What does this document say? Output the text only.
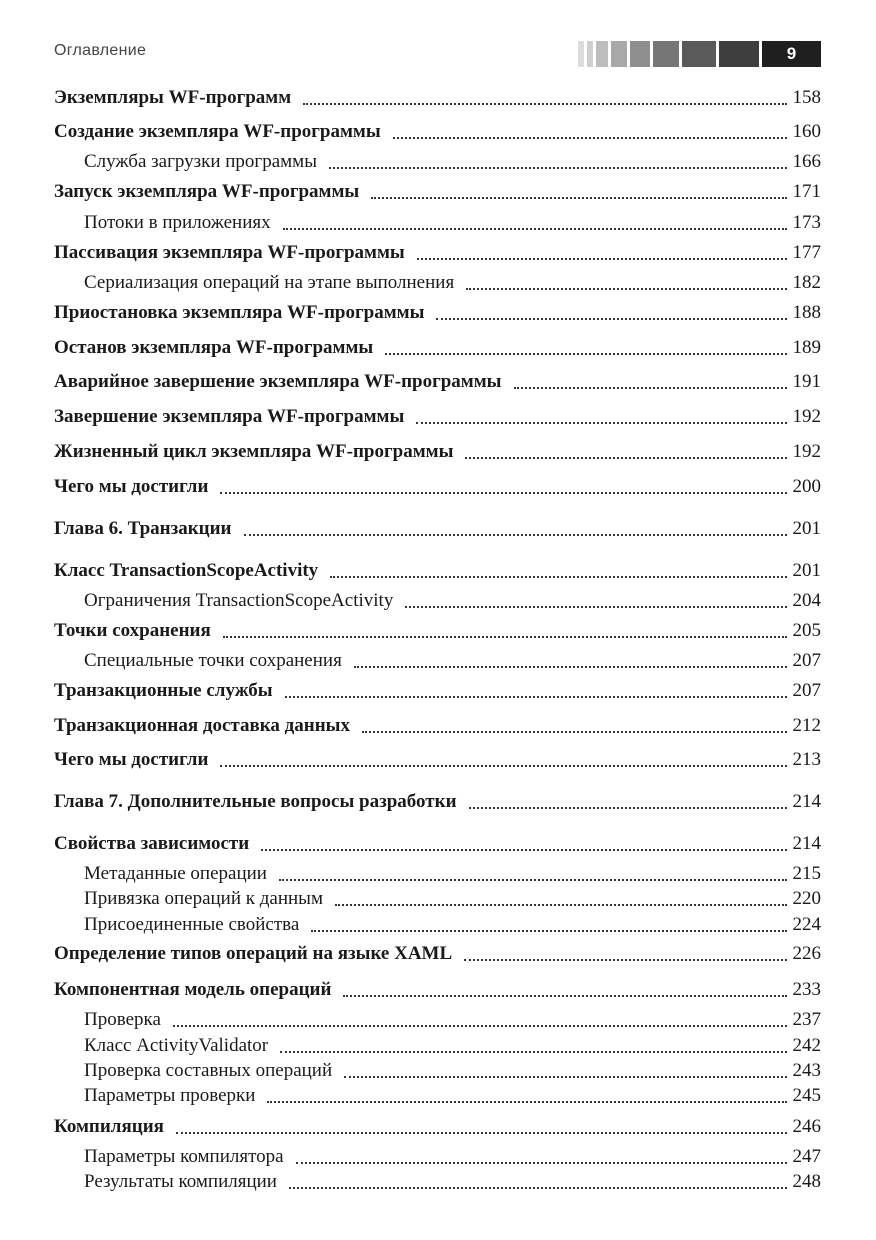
Оглавление	9
Экземпляры WF-программ	158
Создание экземпляра WF-программы	160
Служба загрузки программы	166
Запуск экземпляра WF-программы	171
Потоки в приложениях	173
Пассивация экземпляра WF-программы	177
Сериализация операций на этапе выполнения	182
Приостановка экземпляра WF-программы	188
Останов экземпляра WF-программы	189
Аварийное завершение экземпляра WF-программы	191
Завершение экземпляра WF-программы	192
Жизненный цикл экземпляра WF-программы	192
Чего мы достигли	200
Глава 6. Транзакции	201
Класс TransactionScopeActivity	201
Ограничения TransactionScopeActivity	204
Точки сохранения	205
Специальные точки сохранения	207
Транзакционные службы	207
Транзакционная доставка данных	212
Чего мы достигли	213
Глава 7. Дополнительные вопросы разработки	214
Свойства зависимости	214
Метаданные операции	215
Привязка операций к данным	220
Присоединенные свойства	224
Определение типов операций на языке XAML	226
Компонентная модель операций	233
Проверка	237
Класс ActivityValidator	242
Проверка составных операций	243
Параметры проверки	245
Компиляция	246
Параметры компилятора	247
Результаты компиляции	248
